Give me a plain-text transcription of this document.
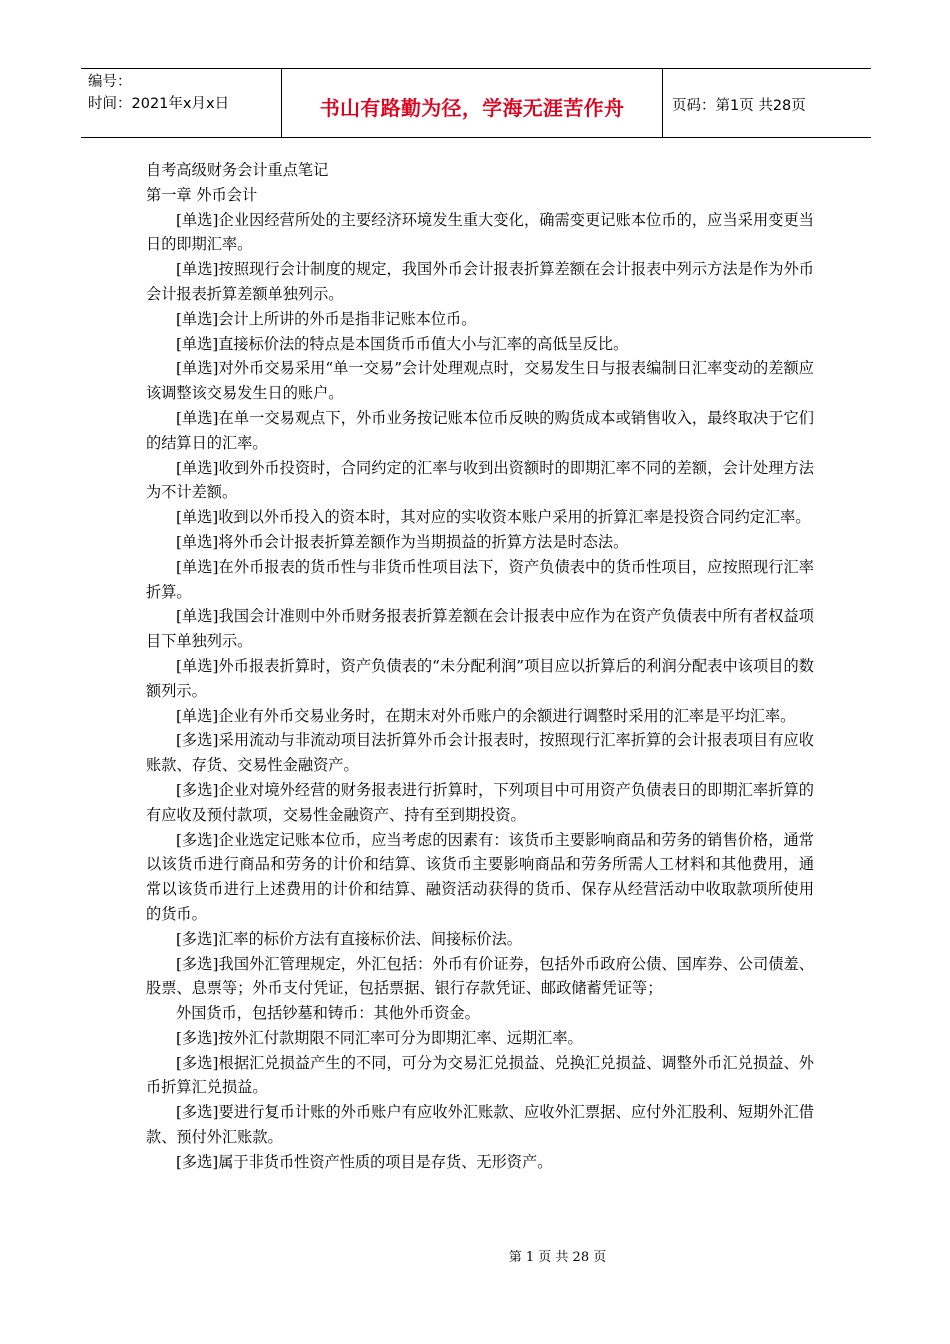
编号：
时间：2021年x月x日	书山有路勤为径，学海无涯苦作舟	页码：第1页 共28页

自考高级财务会计重点笔记

第一章 外币会计

[单选]企业因经营所处的主要经济环境发生重大变化，确需变更记账本位币的，应当采用变更当日的即期汇率。

[单选]按照现行会计制度的规定，我国外币会计报表折算差额在会计报表中列示方法是作为外币会计报表折算差额单独列示。

[单选]会计上所讲的外币是指非记账本位币。

[单选]直接标价法的特点是本国货币币值大小与汇率的高低呈反比。

[单选]对外币交易采用“单一交易”会计处理观点时，交易发生日与报表编制日汇率变动的差额应该调整该交易发生日的账户。

[单选]在单一交易观点下，外币业务按记账本位币反映的购货成本或销售收入，最终取决于它们的结算日的汇率。

[单选]收到外币投资时，合同约定的汇率与收到出资额时的即期汇率不同的差额，会计处理方法为不计差额。

[单选]收到以外币投入的资本时，其对应的实收资本账户采用的折算汇率是投资合同约定汇率。

[单选]将外币会计报表折算差额作为当期损益的折算方法是时态法。

[单选]在外币报表的货币性与非货币性项目法下，资产负债表中的货币性项目，应按照现行汇率折算。

[单选]我国会计准则中外币财务报表折算差额在会计报表中应作为在资产负债表中所有者权益项目下单独列示。

[单选]外币报表折算时，资产负债表的“未分配利润”项目应以折算后的利润分配表中该项目的数额列示。

[单选]企业有外币交易业务时，在期末对外币账户的余额进行调整时采用的汇率是平均汇率。

[多选]采用流动与非流动项目法折算外币会计报表时，按照现行汇率折算的会计报表项目有应收账款、存货、交易性金融资产。

[多选]企业对境外经营的财务报表进行折算时，下列项目中可用资产负债表日的即期汇率折算的有应收及预付款项，交易性金融资产、持有至到期投资。

[多选]企业选定记账本位币，应当考虑的因素有：该货币主要影响商品和劳务的销售价格，通常以该货币进行商品和劳务的计价和结算、该货币主要影响商品和劳务所需人工材料和其他费用，通常以该货币进行上述费用的计价和结算、融资活动获得的货币、保存从经营活动中收取款项所使用的货币。

[多选]汇率的标价方法有直接标价法、间接标价法。

[多选]我国外汇管理规定，外汇包括：外币有价证券，包括外币政府公债、国库券、公司债羞、股票、息票等；外币支付凭证，包括票据、银行存款凭证、邮政储蓄凭证等；

外国货币，包括钞墓和铸币：其他外币资金。

[多选]按外汇付款期限不同汇率可分为即期汇率、远期汇率。

[多选]根据汇兑损益产生的不同，可分为交易汇兑损益、兑换汇兑损益、调整外币汇兑损益、外币折算汇兑损益。

[多选]要进行复币计账的外币账户有应收外汇账款、应收外汇票据、应付外汇股利、短期外汇借款、预付外汇账款。

[多选]属于非货币性资产性质的项目是存货、无形资产。

第 1 页 共 28 页
